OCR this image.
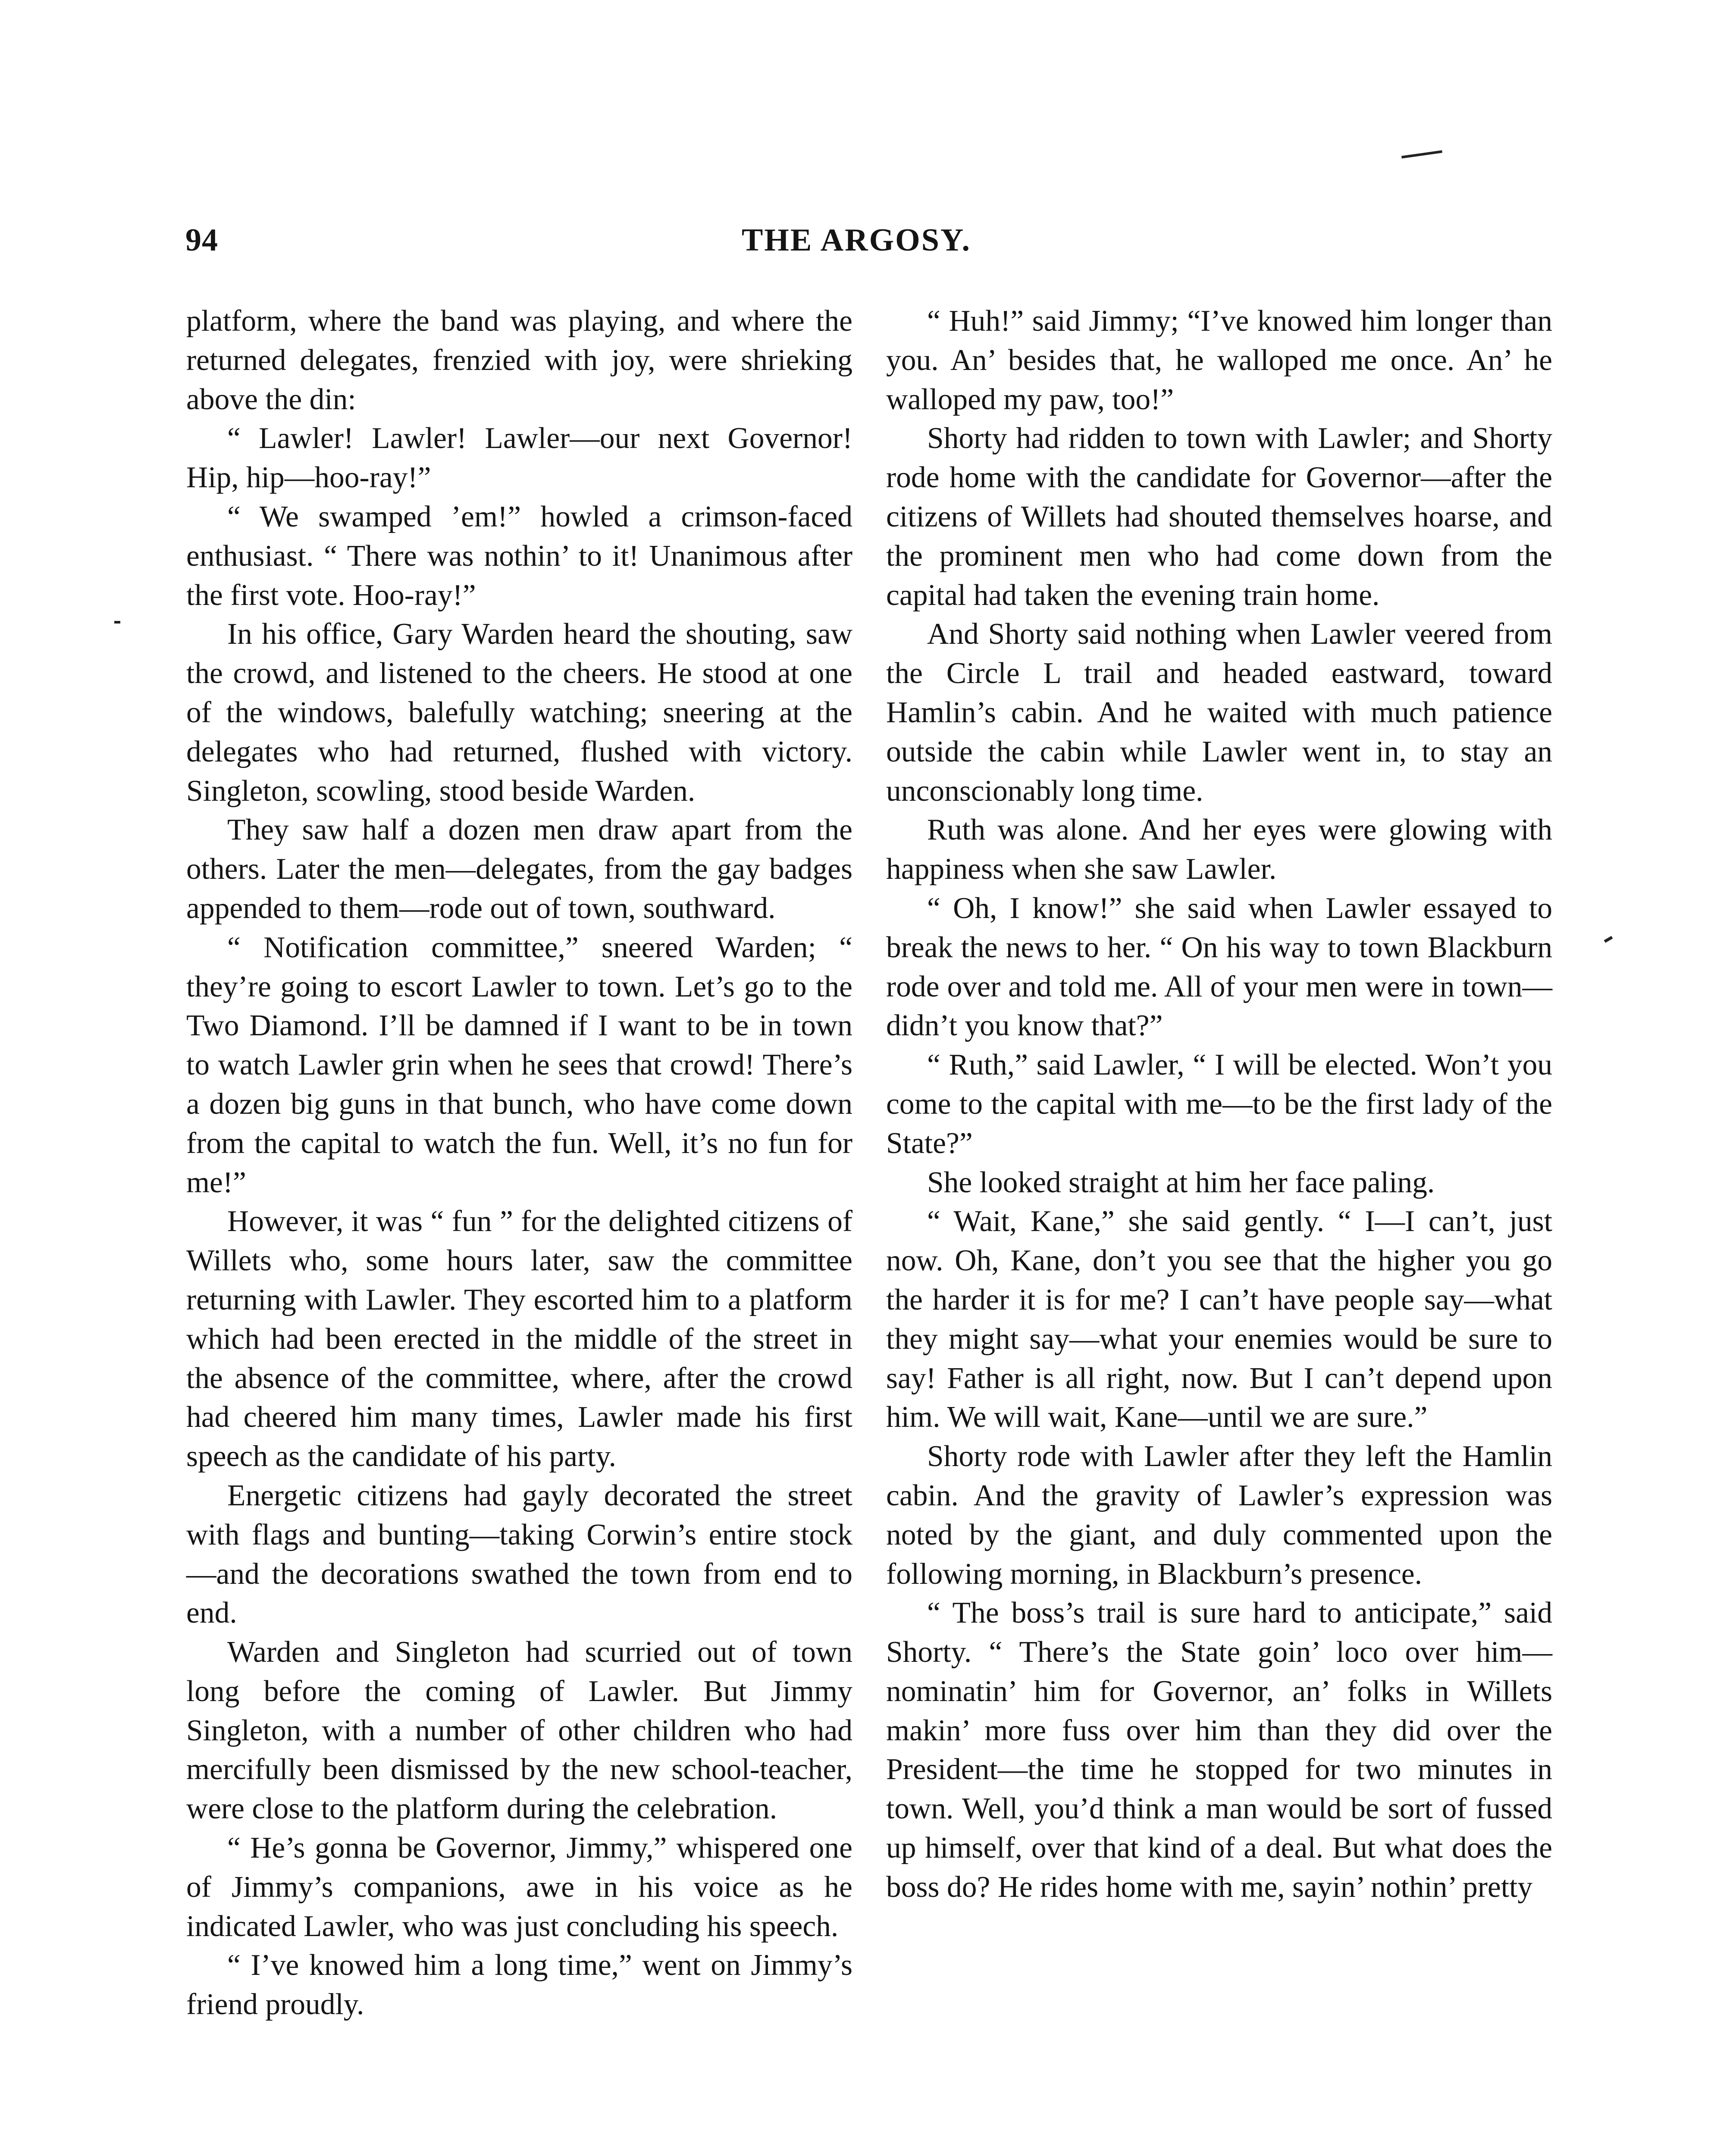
94	THE ARGOSY.

platform, where the band was playing, and where the returned delegates, frenzied with joy, were shrieking above the din:

“ Lawler! Lawler! Lawler—our next Governor! Hip, hip—hoo-ray!”

“ We swamped ’em!” howled a crimson-faced enthusiast. “ There was nothin’ to it! Unanimous after the first vote. Hoo-ray!”

In his office, Gary Warden heard the shouting, saw the crowd, and listened to the cheers. He stood at one of the windows, balefully watching; sneering at the delegates who had returned, flushed with victory. Singleton, scowling, stood beside Warden.

They saw half a dozen men draw apart from the others. Later the men—delegates, from the gay badges appended to them—rode out of town, southward.

“ Notification committee,” sneered Warden; “ they’re going to escort Lawler to town. Let’s go to the Two Diamond. I’ll be damned if I want to be in town to watch Lawler grin when he sees that crowd! There’s a dozen big guns in that bunch, who have come down from the capital to watch the fun. Well, it’s no fun for me!”

However, it was “ fun ” for the delighted citizens of Willets who, some hours later, saw the committee returning with Lawler. They escorted him to a platform which had been erected in the middle of the street in the absence of the committee, where, after the crowd had cheered him many times, Lawler made his first speech as the candidate of his party.

Energetic citizens had gayly decorated the street with flags and bunting—taking Corwin’s entire stock—and the decorations swathed the town from end to end.

Warden and Singleton had scurried out of town long before the coming of Lawler. But Jimmy Singleton, with a number of other children who had mercifully been dismissed by the new school-teacher, were close to the platform during the celebration.

“ He’s gonna be Governor, Jimmy,” whispered one of Jimmy’s companions, awe in his voice as he indicated Lawler, who was just concluding his speech.

“ I’ve knowed him a long time,” went on Jimmy’s friend proudly.

“ Huh!” said Jimmy; “I’ve knowed him longer than you. An’ besides that, he walloped me once. An’ he walloped my paw, too!”

Shorty had ridden to town with Lawler; and Shorty rode home with the candidate for Governor—after the citizens of Willets had shouted themselves hoarse, and the prominent men who had come down from the capital had taken the evening train home.

And Shorty said nothing when Lawler veered from the Circle L trail and headed eastward, toward Hamlin’s cabin. And he waited with much patience outside the cabin while Lawler went in, to stay an unconscionably long time.

Ruth was alone. And her eyes were glowing with happiness when she saw Lawler.

“ Oh, I know!” she said when Lawler essayed to break the news to her. “ On his way to town Blackburn rode over and told me. All of your men were in town—didn’t you know that?”

“ Ruth,” said Lawler, “ I will be elected. Won’t you come to the capital with me—to be the first lady of the State?”

She looked straight at him her face paling.

“ Wait, Kane,” she said gently. “ I—I can’t, just now. Oh, Kane, don’t you see that the higher you go the harder it is for me? I can’t have people say—what they might say—what your enemies would be sure to say! Father is all right, now. But I can’t depend upon him. We will wait, Kane—until we are sure.”

Shorty rode with Lawler after they left the Hamlin cabin. And the gravity of Lawler’s expression was noted by the giant, and duly commented upon the following morning, in Blackburn’s presence.

“ The boss’s trail is sure hard to anticipate,” said Shorty. “ There’s the State goin’ loco over him—nominatin’ him for Governor, an’ folks in Willets makin’ more fuss over him than they did over the President—the time he stopped for two minutes in town. Well, you’d think a man would be sort of fussed up himself, over that kind of a deal. But what does the boss do? He rides home with me, sayin’ nothin’ pretty
